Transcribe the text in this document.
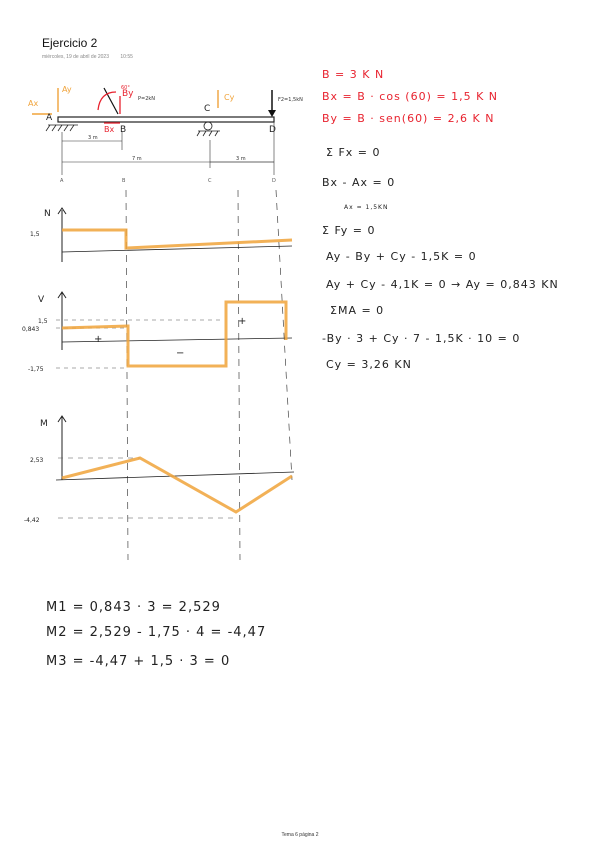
Ejercicio 2
miércoles, 19 de abril de 2023 10:55
Ay
Ax
By
Bx
Cy
60°
P=2kN	F2=1,5kN
A
B
C
D
3 m
7 m	3 m
A	B	C	D
N
1,5
V
1,5
0,843
-1,75
+
−
+
M
2,53
-4,42
B = 3 K N
Bx = B · cos (60) = 1,5 K N
By = B · sen(60) = 2,6 K N
Σ Fx = 0
Bx - Ax = 0
Ax = 1,5KN
Σ Fy = 0
Ay - By + Cy - 1,5K = 0
Ay + Cy - 4,1K = 0 → Ay = 0,843 KN
ΣMA = 0
-By · 3 + Cy · 7 - 1,5K · 10 = 0
Cy = 3,26 KN
M1 = 0,843 · 3 = 2,529
M2 = 2,529 - 1,75 · 4 = -4,47
M3 = -4,47 + 1,5 · 3 = 0
Tema 6 página 2
